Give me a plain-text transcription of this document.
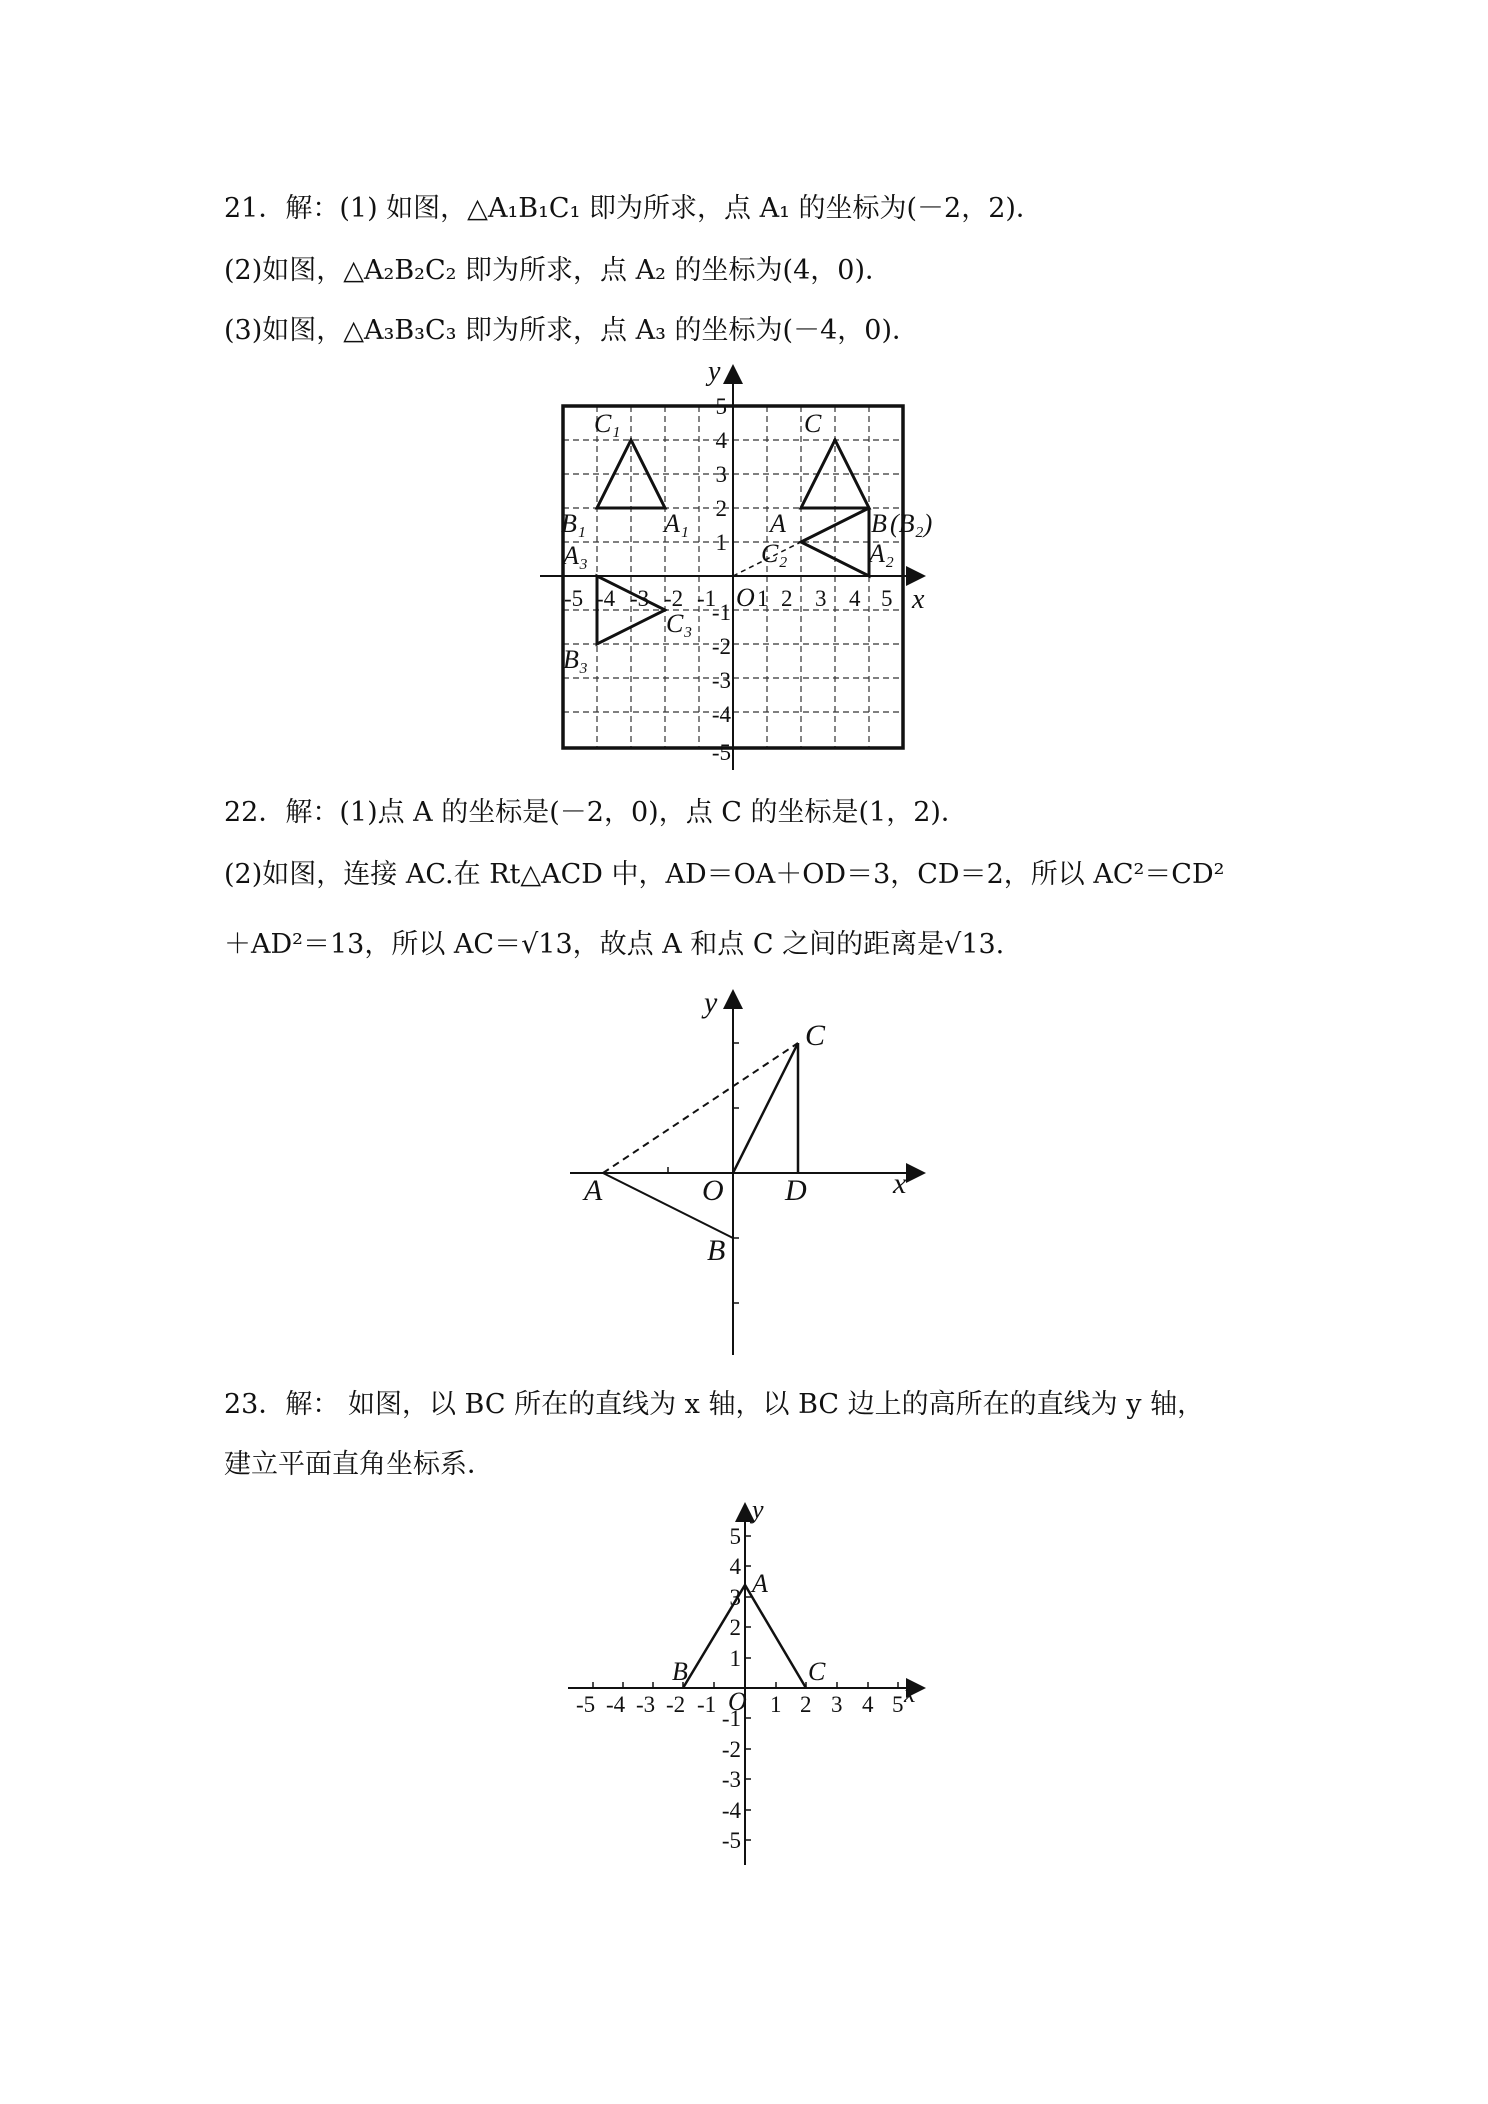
21．解：(1) 如图，△A₁B₁C₁ 即为所求，点 A₁ 的坐标为(－2，2)．
(2)如图，△A₂B₂C₂ 即为所求，点 A₂ 的坐标为(4，0)．
(3)如图，△A₃B₃C₃ 即为所求，点 A₃ 的坐标为(－4，0)．
y
x
O
-5 -4 -3 -2 -1 1 2 3 4 5
5
4
3
2
1
-1
-2
-3
-4
-5
C₁	C
B₁	A₁	A	B (B₂)
C₂	A₂
A₃
C₃
B₃
22．解：(1)点 A 的坐标是(－2，0)，点 C 的坐标是(1，2)．
(2)如图，连接 AC.在 Rt△ACD 中，AD＝OA＋OD＝3，CD＝2，所以 AC²＝CD²
＋AD²＝13，所以 AC＝√13，故点 A 和点 C 之间的距离是√13.
y
x
C
A	O D
B
23．解： 如图，以 BC 所在的直线为 x 轴，以 BC 边上的高所在的直线为 y 轴，
建立平面直角坐标系．
y
x
A
B	C
O
-5 -4 -3 -2 -1 1 2 3 4 5
5
4
3
2
1
-1
-2
-3
-4
-5
